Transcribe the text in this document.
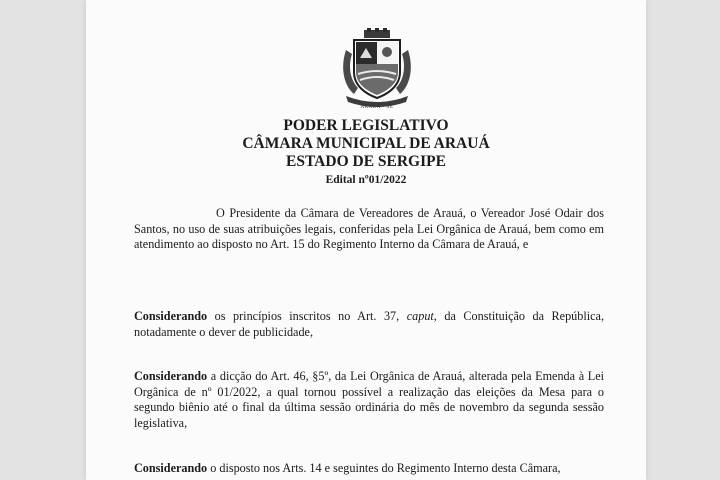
ARAUÁ - SE

PODER LEGISLATIVO
CÂMARA MUNICIPAL DE ARAUÁ
ESTADO DE SERGIPE
Edital nº01/2022
O Presidente da Câmara de Vereadores de Arauá, o Vereador José Odair dos Santos, no uso de suas atribuições legais, conferidas pela Lei Orgânica de Arauá, bem como em atendimento ao disposto no Art. 15 do Regimento Interno da Câmara de Arauá, e
Considerando os princípios inscritos no Art. 37, caput, da Constituição da República, notadamente o dever de publicidade,
Considerando a dicção do Art. 46, §5º, da Lei Orgânica de Arauá, alterada pela Emenda à Lei Orgânica de nº 01/2022, a qual tornou possível a realização das eleições da Mesa para o segundo biênio até o final da última sessão ordinária do mês de novembro da segunda sessão legislativa,
Considerando o disposto nos Arts. 14 e seguintes do Regimento Interno desta Câmara,
